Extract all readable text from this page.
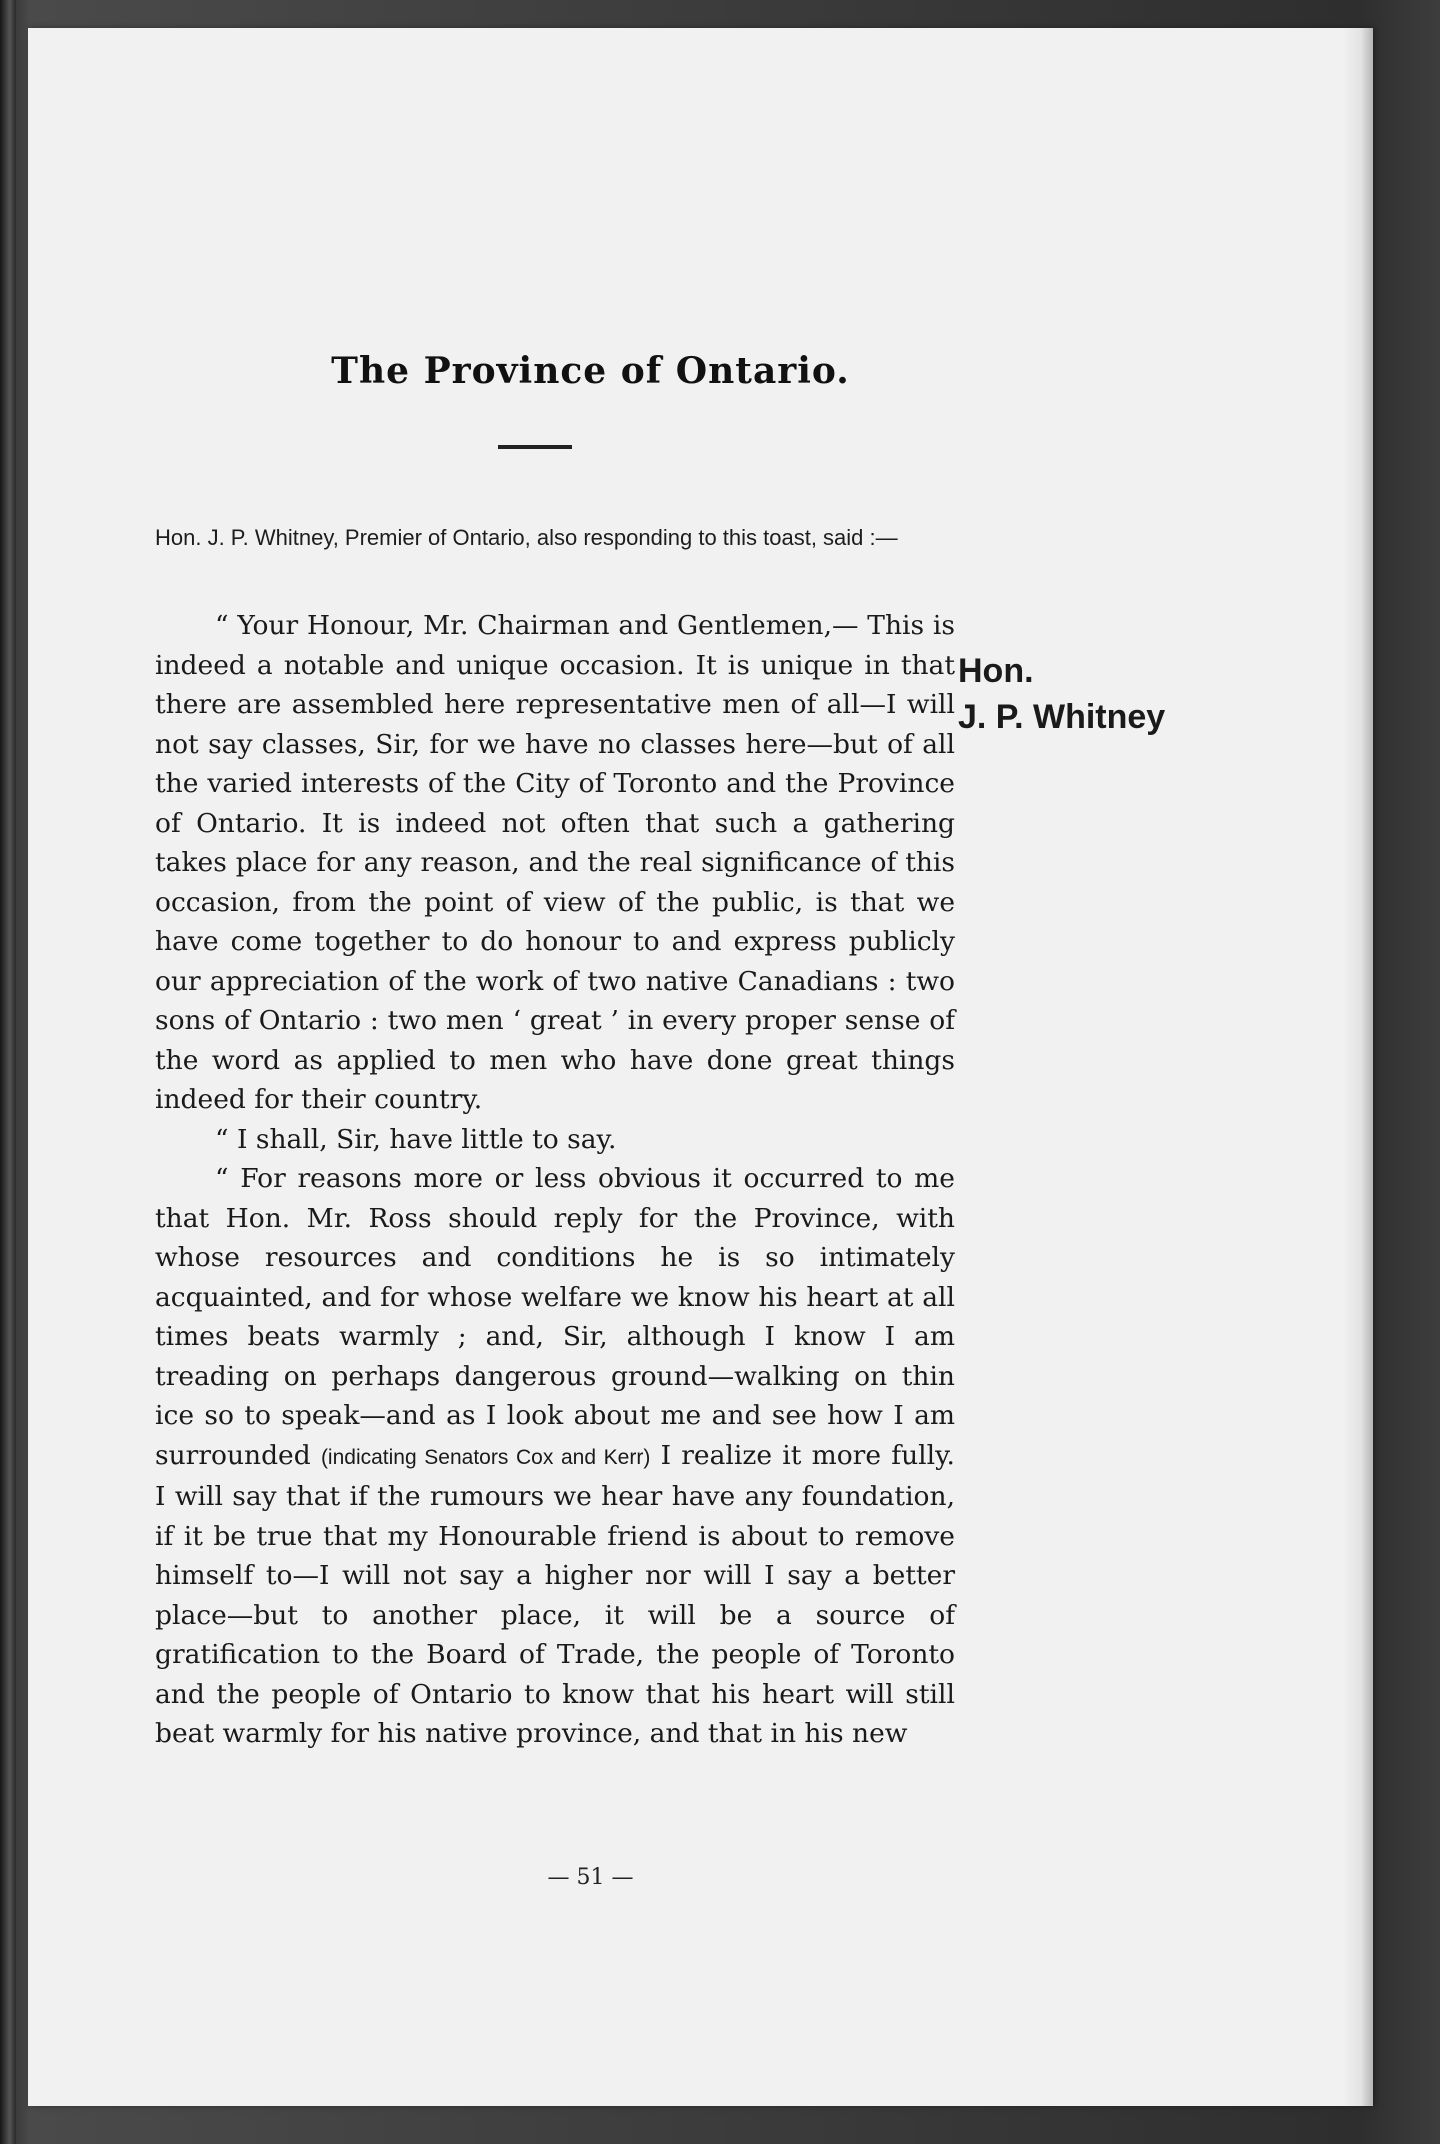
The Province of Ontario.
Hon. J. P. Whitney, Premier of Ontario, also responding to this toast, said :—

“ Your Honour, Mr. Chairman and Gentlemen,— This is indeed a notable and unique occasion. It is unique in that there are assembled here representative men of all—I will not say classes, Sir, for we have no classes here—but of all the varied interests of the City of Toronto and the Province of Ontario. It is indeed not often that such a gathering takes place for any reason, and the real significance of this occasion, from the point of view of the public, is that we have come together to do honour to and express publicly our appreciation of the work of two native Canadians : two sons of Ontario : two men ‘ great ’ in every proper sense of the word as applied to men who have done great things indeed for their country.

“ I shall, Sir, have little to say.

“ For reasons more or less obvious it occurred to me that Hon. Mr. Ross should reply for the Province, with whose resources and conditions he is so intimately acquainted, and for whose welfare we know his heart at all times beats warmly ; and, Sir, although I know I am treading on perhaps dangerous ground—walking on thin ice so to speak—and as I look about me and see how I am surrounded (indicating Senators Cox and Kerr) I realize it more fully. I will say that if the rumours we hear have any foundation, if it be true that my Honourable friend is about to remove himself to—I will not say a higher nor will I say a better place—but to another place, it will be a source of gratification to the Board of Trade, the people of Toronto and the people of Ontario to know that his heart will still beat warmly for his native province, and that in his new

Hon.
J. P. Whitney
— 51 —
